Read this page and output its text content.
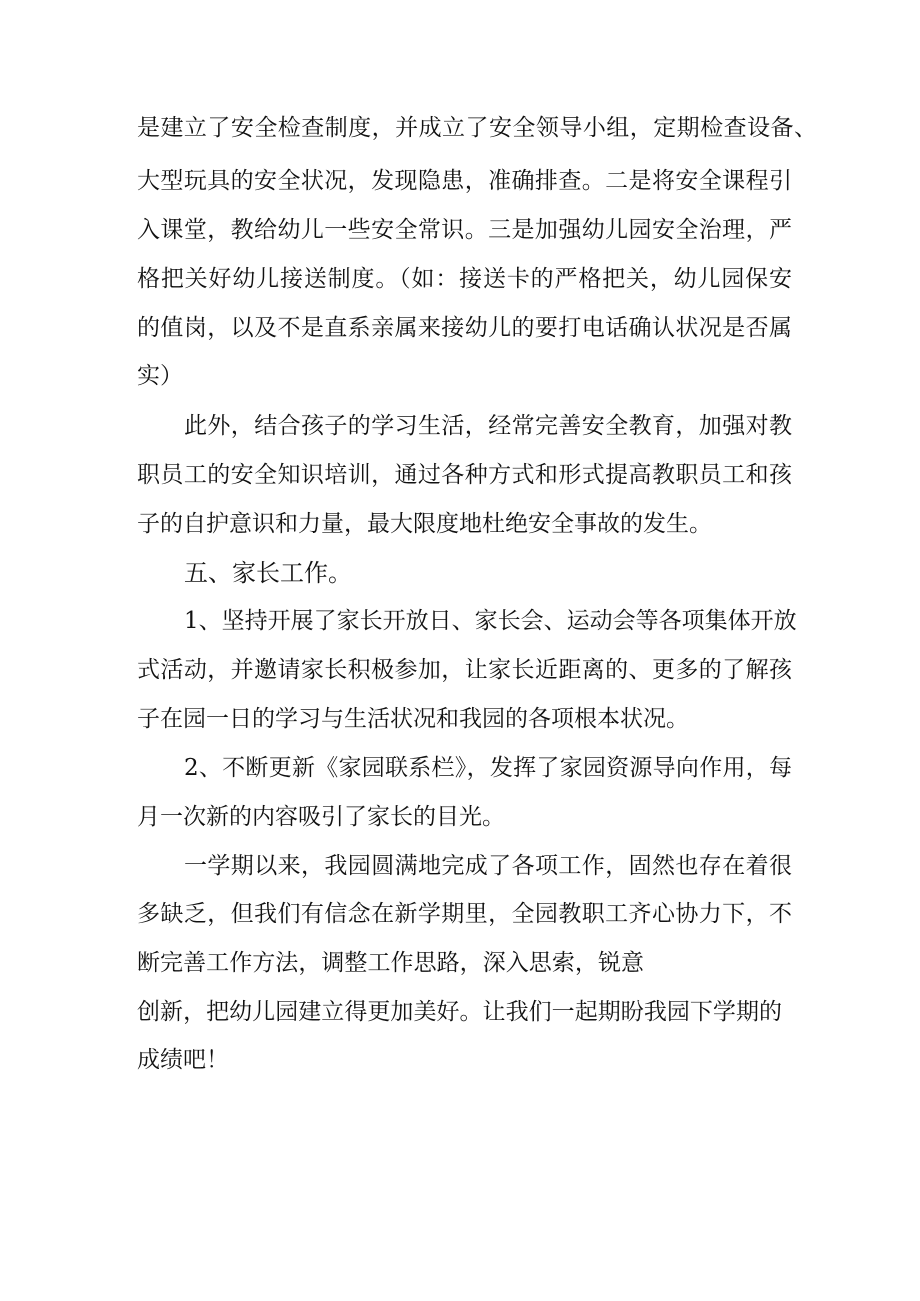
是建立了安全检查制度，并成立了安全领导小组，定期检查设备、
大型玩具的安全状况，发现隐患，准确排查。二是将安全课程引
入课堂，教给幼儿一些安全常识。三是加强幼儿园安全治理，严
格把关好幼儿接送制度。（如：接送卡的严格把关，幼儿园保安
的值岗，以及不是直系亲属来接幼儿的要打电话确认状况是否属
实）
此外，结合孩子的学习生活，经常完善安全教育，加强对教
职员工的安全知识培训，通过各种方式和形式提高教职员工和孩
子的自护意识和力量，最大限度地杜绝安全事故的发生。
五、家长工作。
1、坚持开展了家长开放日、家长会、运动会等各项集体开放
式活动，并邀请家长积极参加，让家长近距离的、更多的了解孩
子在园一日的学习与生活状况和我园的各项根本状况。
2、不断更新《家园联系栏》，发挥了家园资源导向作用，每
月一次新的内容吸引了家长的目光。
一学期以来，我园圆满地完成了各项工作，固然也存在着很
多缺乏，但我们有信念在新学期里，全园教职工齐心协力下，不
断完善工作方法，调整工作思路，深入思索，锐意
创新，把幼儿园建立得更加美好。让我们一起期盼我园下学期的
成绩吧！
